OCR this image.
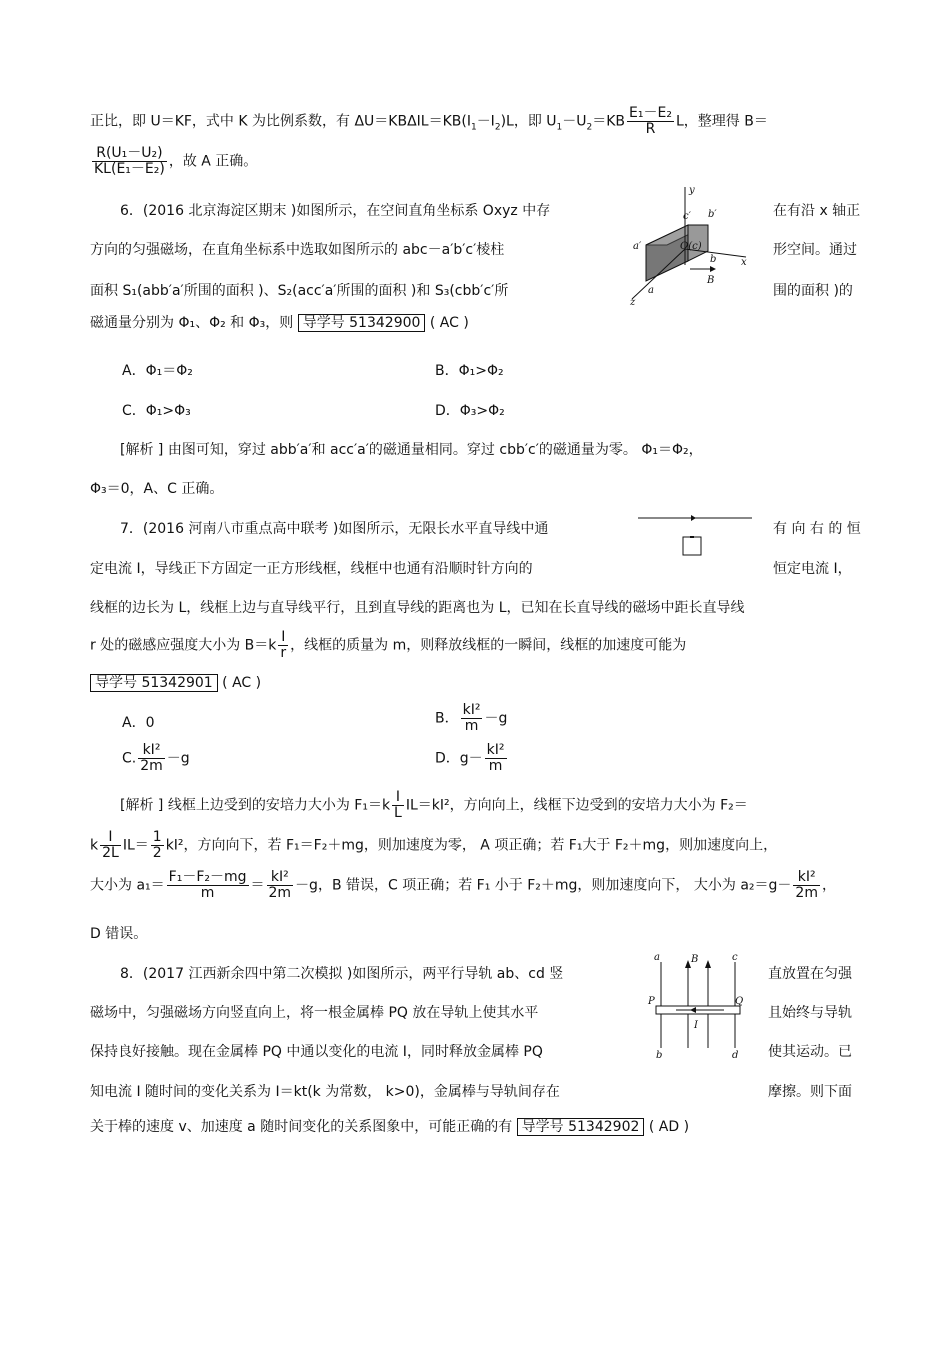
正比，即 U＝KF，式中 K 为比例系数，有 $\Delta U=KB\Delta IL=KB(I_1-I_2)L$，即 $U_1-U_2=KB \frac{\text{E₁－E₂}}{R}$ L，整理得 B＝
$\frac{\text{R(U₁－U₂)}}{\text{KL(E₁－E₂)}}$ ，故 A 正确。
6．(2016 北京海淀区期末 )如图所示，在空间直角坐标系 Oxyz 中存	在有沿 x 轴正
方向的匀强磁场，在直角坐标系中选取如图所示的 abc－a′b′c′棱柱	形空间。通过
面积 S₁(abb′a′所围的面积 )、S₂(acc′a′所围的面积 )和 S₃(cbb′c′所	围的面积 )的
磁通量分别为 Φ₁、Φ₂ 和 Φ₃，则 导学号 51342900 ( AC )
y
c′ b′
a′	O(c)
b x
B
a
z
A．Φ₁＝Φ₂	B．Φ₁>Φ₂
C．Φ₁>Φ₃	D．Φ₃>Φ₂
[解析 ] 由图可知，穿过 abb′a′和 acc′a′的磁通量相同。穿过 cbb′c′的磁通量为零。 Φ₁＝Φ₂，
Φ₃＝0，A、C 正确。
7．(2016 河南八市重点高中联考 )如图所示，无限长水平直导线中通	有 向 右 的 恒
定电流 I，导线正下方固定一正方形线框，线框中也通有沿顺时针方向的	恒定电流 I，
线框的边长为 L，线框上边与直导线平行，且到直导线的距离也为 L，已知在长直导线的磁场中距长直导线
r 处的磁感应强度大小为 $B=k \frac{I}{r}$ ，线框的质量为 m，则释放线框的一瞬间，线框的加速度可能为
导学号 51342901 ( AC )
A．0	B． $\frac{\text{kI²}}{m} -g$
C. $\frac{\text{kI²}}{2m} -g$	D．$g- \frac{\text{kI²}}{m}$
[解析 ] 线框上边受到的安培力大小为 $F_1=k \frac{I}{L} IL=kI^2$，方向向上，线框下边受到的安培力大小为 F₂＝
k $\frac{I}{2L} IL= \frac{1}{2} kI^2$，方向向下，若 F₁＝F₂＋mg，则加速度为零， A 项正确；若 F₁大于 F₂＋mg，则加速度向上，
大小为 $a_1= \frac{\text{F₁－F₂－mg}}{m} = \frac{\text{kI²}}{2m} -g$，B 错误，C 项正确；若 F₁ 小于 F₂＋mg，则加速度向下， 大小为 $a_2=g- \frac{\text{kI²}}{2m}$ ，
D 错误。
8．(2017 江西新余四中第二次模拟 )如图所示，两平行导轨 ab、cd 竖	直放置在匀强
磁场中，匀强磁场方向竖直向上，将一根金属棒 PQ 放在导轨上使其水平	且始终与导轨
保持良好接触。现在金属棒 PQ 中通以变化的电流 I，同时释放金属棒 PQ	使其运动。已
知电流 I 随时间的变化关系为 I＝kt(k 为常数， k>0)，金属棒与导轨间存在	摩擦。则下面
关于棒的速度 v、加速度 a 随时间变化的关系图象中，可能正确的有 导学号 51342902 ( AD )
a	B	c
P	Q
I
b	d
